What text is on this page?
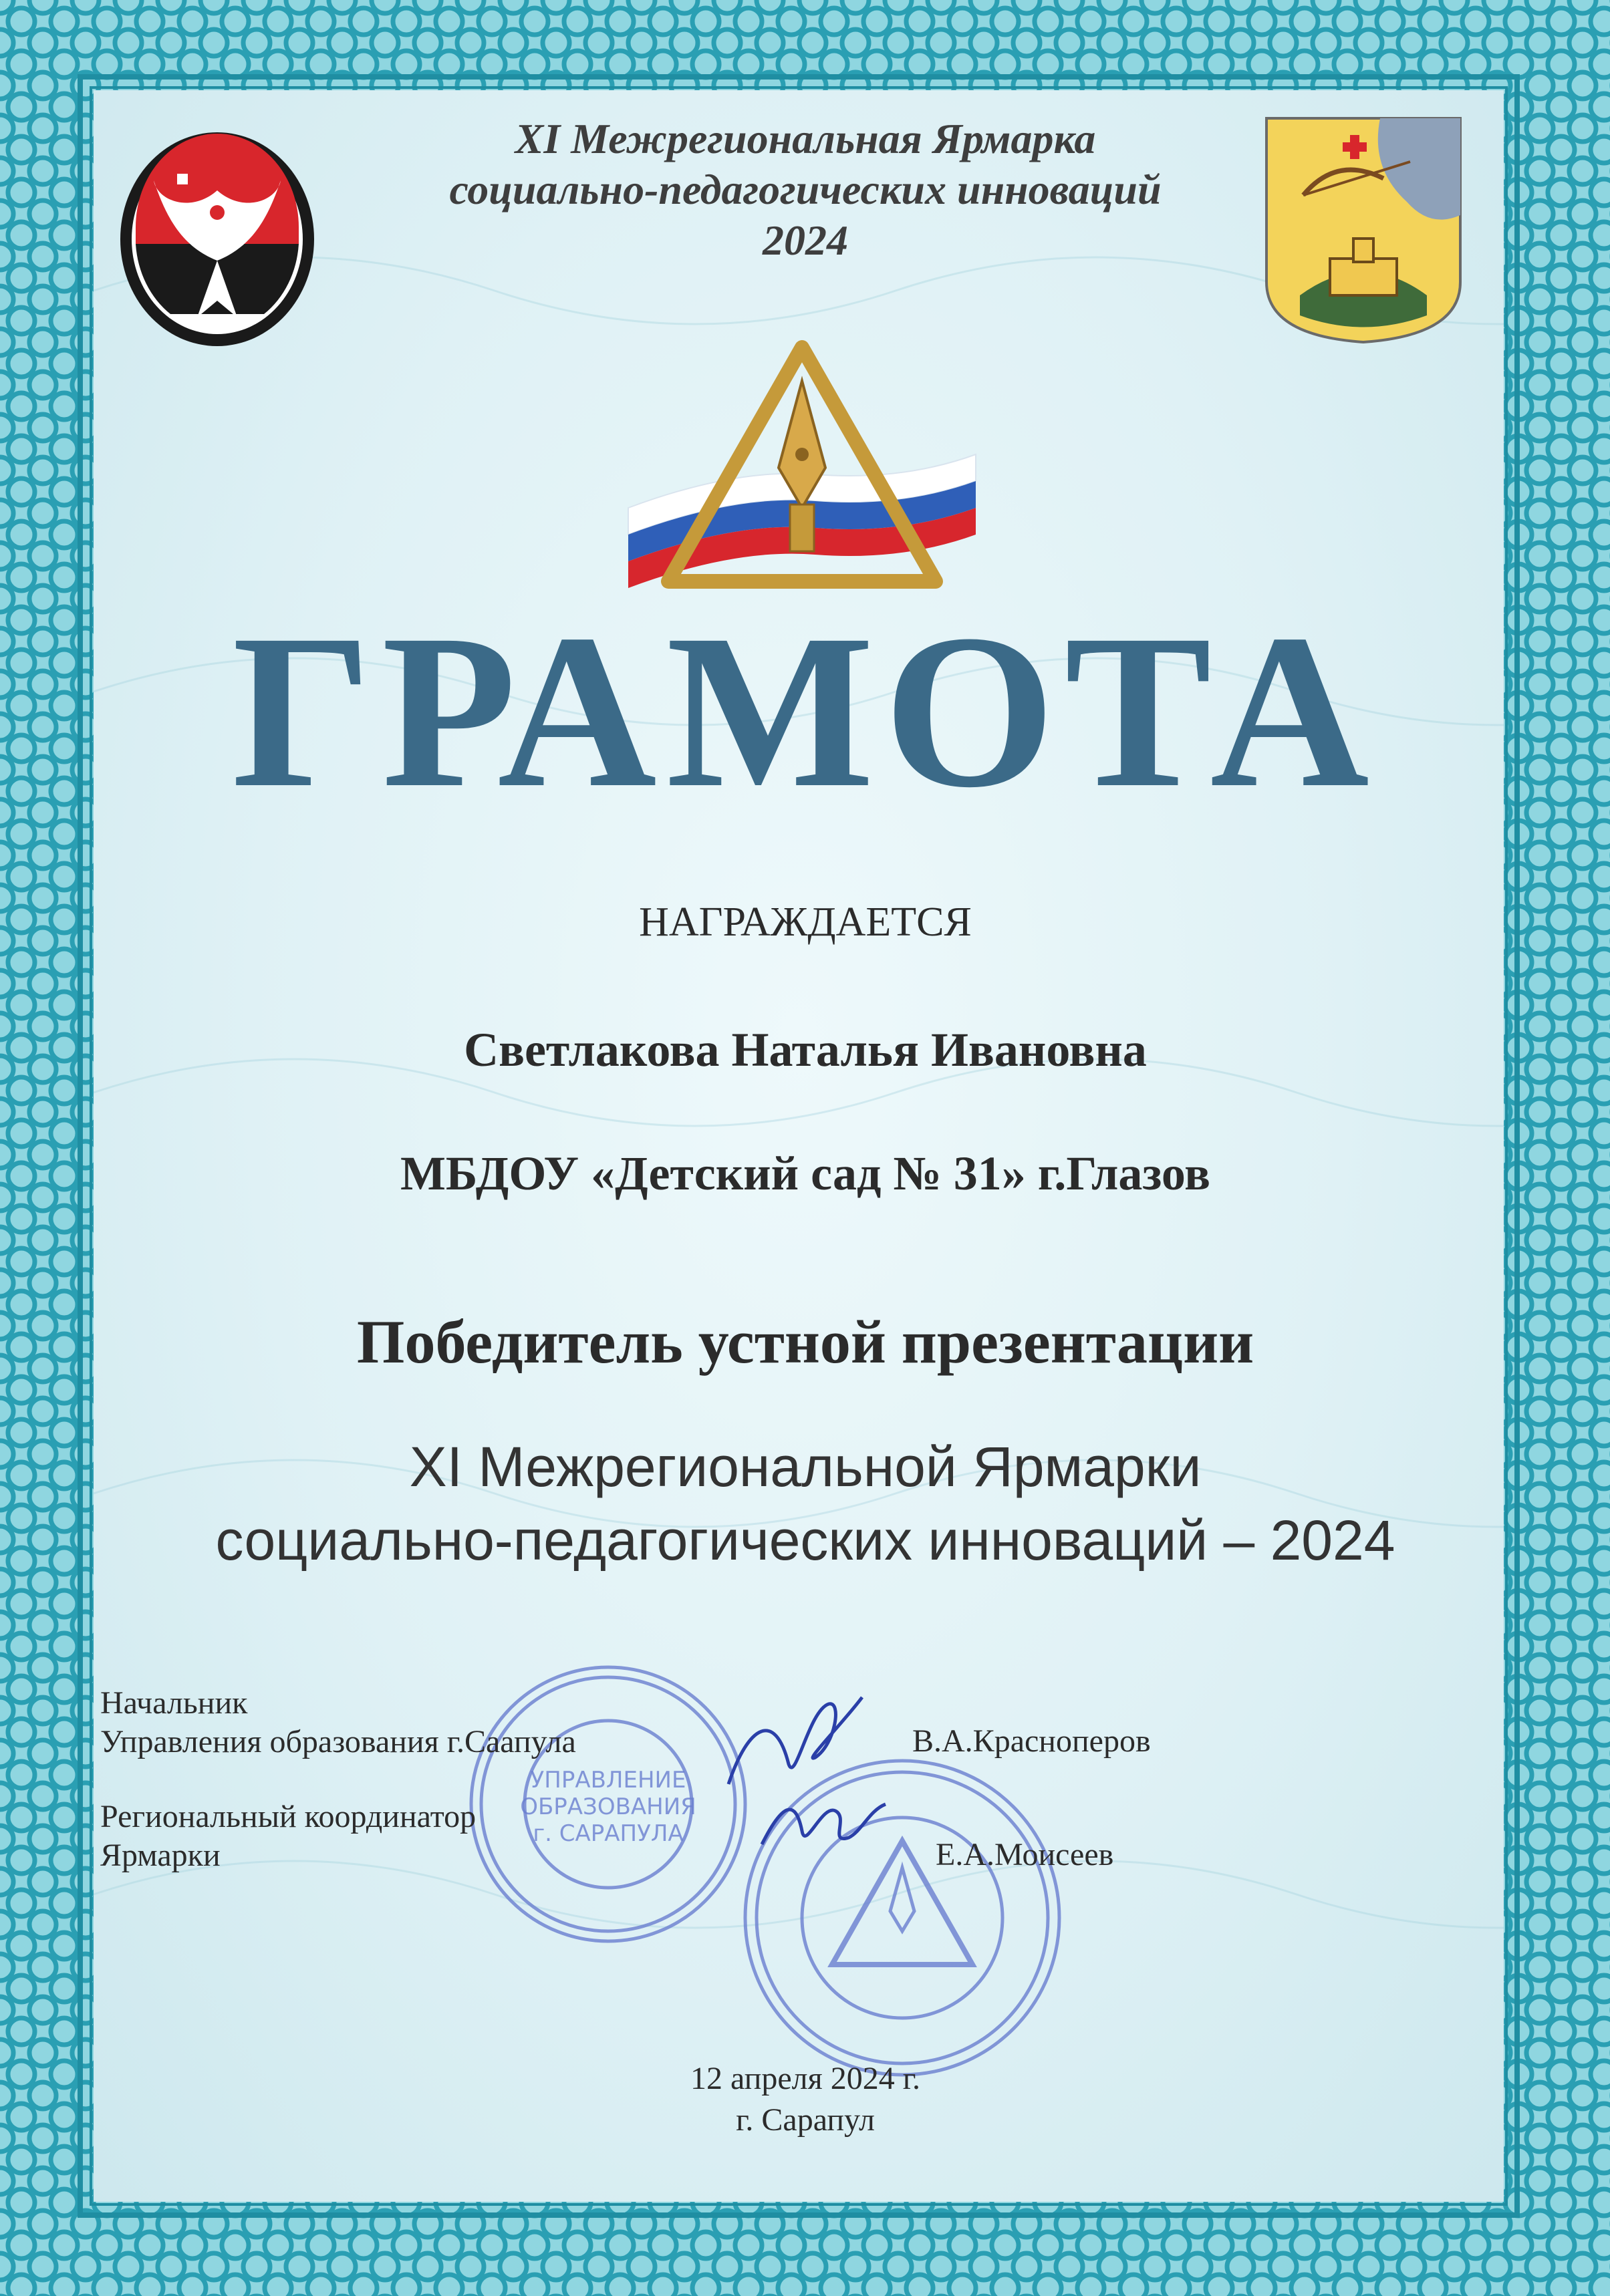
XI Межрегиональная Ярмарка
социально-педагогических инноваций
2024
ГРАМОТА
НАГРАЖДАЕТСЯ
Светлакова Наталья Ивановна
МБДОУ «Детский сад № 31» г.Глазов
Победитель устной презентации
XI Межрегиональной Ярмарки
социально-педагогических инноваций – 2024
УПРАВЛЕНИЕ
ОБРАЗОВАНИЯ
г. САРАПУЛА
Начальник
Управления образования г.Саапула	В.А.Красноперов
Региональный координатор
Ярмарки	Е.А.Моисеев
12 апреля 2024 г.
г. Сарапул
